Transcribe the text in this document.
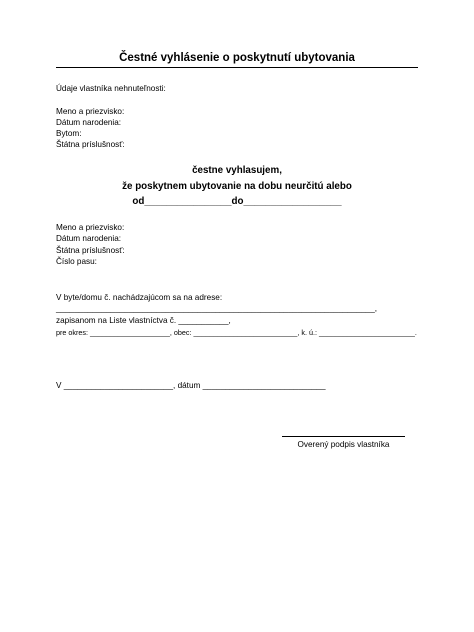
Čestné vyhlásenie o poskytnutí ubytovania
Údaje vlastníka nehnuteľnosti:
Meno a priezvisko:
Dátum narodenia:
Bytom:
Štátna príslušnosť:
čestne vyhlasujem,
že poskytnem ubytovanie na dobu neurčitú alebo
od________________do__________________
Meno a priezvisko:
Dátum narodenia:
Štátna príslušnosť:
Číslo pasu:
V byte/domu č. nachádzajúcom sa na adrese:
______________________________________________________________________,
zapisanom na Liste vlastníctva č. ___________,
pre okres: ____________________, obec: __________________________, k. ú.: ________________________.
V ________________________, dátum ___________________________
Overený podpis vlastníka
